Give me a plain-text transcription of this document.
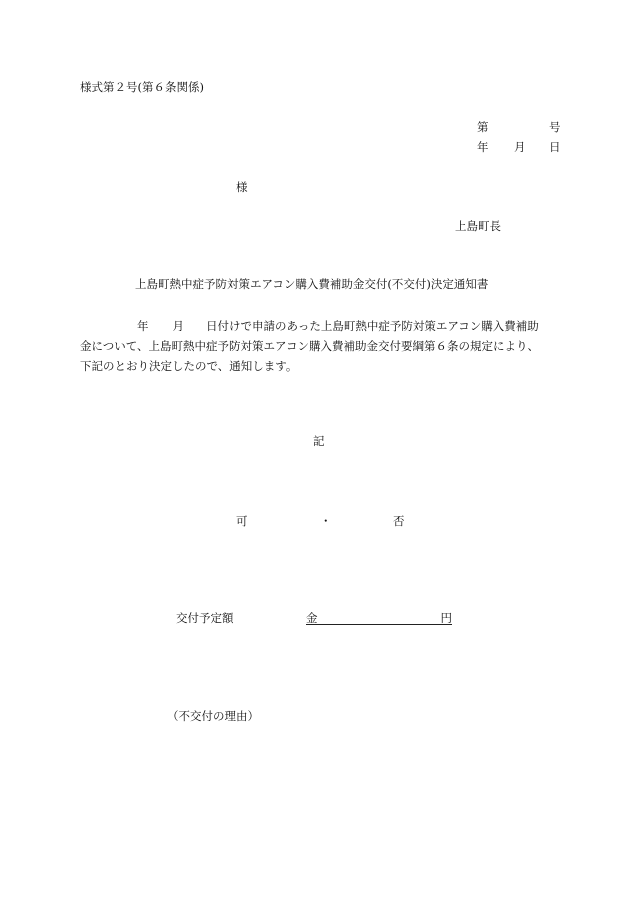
様式第２号(第６条関係)
第	号
年 月 日
様
上島町長
上島町熱中症予防対策エアコン購入費補助金交付(不交付)決定通知書
年 月 日付けで申請のあった上島町熱中症予防対策エアコン購入費補助
金について、上島町熱中症予防対策エアコン購入費補助金交付要綱第６条の規定により、
下記のとおり決定したので、通知します。
記
可	・	否
交付予定額	金	円
（不交付の理由）
